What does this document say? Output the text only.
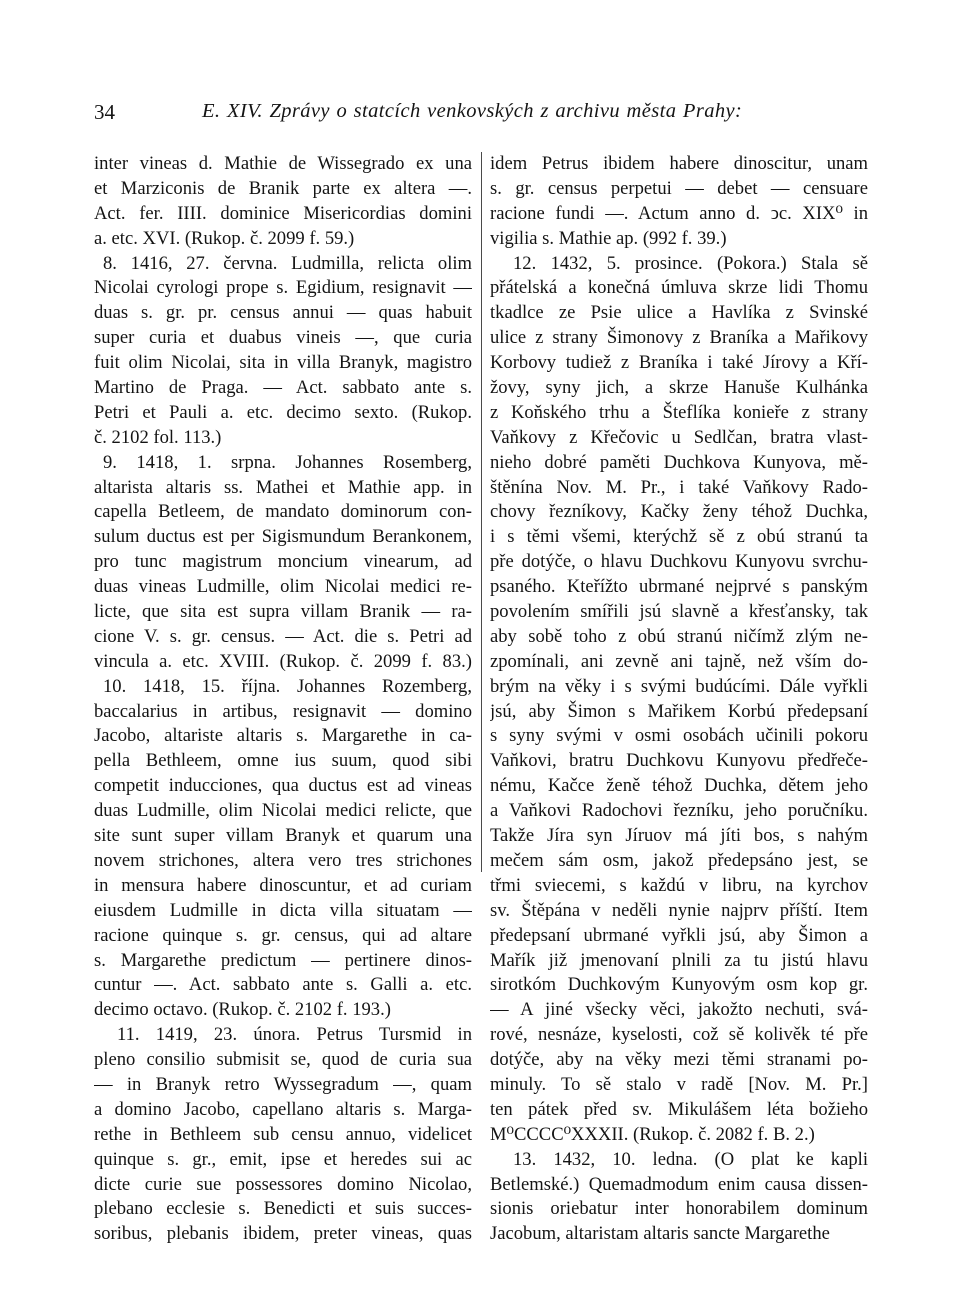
34	E. XIV. Zprávy o statcích venkovských z archivu města Prahy:
inter vineas d. Mathie de Wissegrado ex una
et Marziconis de Branik parte ex altera —.
Act. fer. IIII. dominice Misericordias domini
a. etc. XVI. (Rukop. č. 2099 f. 59.)
8. 1416, 27. června. Ludmilla, relicta olim
Nicolai cyrologi prope s. Egidium, resignavit —
duas s. gr. pr. census annui — quas habuit
super curia et duabus vineis —, que curia
fuit olim Nicolai, sita in villa Branyk, magistro
Martino de Praga. — Act. sabbato ante s.
Petri et Pauli a. etc. decimo sexto. (Rukop.
č. 2102 fol. 113.)
9. 1418, 1. srpna. Johannes Rosemberg,
altarista altaris ss. Mathei et Mathie app. in
capella Betleem, de mandato dominorum con-
sulum ductus est per Sigismundum Berankonem,
pro tunc magistrum moncium vinearum, ad
duas vineas Ludmille, olim Nicolai medici re-
licte, que sita est supra villam Branik — ra-
cione V. s. gr. census. — Act. die s. Petri ad
vincula a. etc. XVIII. (Rukop. č. 2099 f. 83.)
10. 1418, 15. října. Johannes Rozemberg,
baccalarius in artibus, resignavit — domino
Jacobo, altariste altaris s. Margarethe in ca-
pella Bethleem, omne ius suum, quod sibi
competit inducciones, qua ductus est ad vineas
duas Ludmille, olim Nicolai medici relicte, que
site sunt super villam Branyk et quarum una
novem strichones, altera vero tres strichones
in mensura habere dinoscuntur, et ad curiam
eiusdem Ludmille in dicta villa situatam —
racione quinque s. gr. census, qui ad altare
s. Margarethe predictum — pertinere dinos-
cuntur —. Act. sabbato ante s. Galli a. etc.
decimo octavo. (Rukop. č. 2102 f. 193.)
11. 1419, 23. února. Petrus Tursmid in
pleno consilio submisit se, quod de curia sua
— in Branyk retro Wyssegradum —, quam
a domino Jacobo, capellano altaris s. Marga-
rethe in Bethleem sub censu annuo, videlicet
quinque s. gr., emit, ipse et heredes sui ac
dicte curie sue possessores domino Nicolao,
plebano ecclesie s. Benedicti et suis succes-
soribus, plebanis ibidem, preter vineas, quas
idem Petrus ibidem habere dinoscitur, unam
s. gr. census perpetui — debet — censuare
racione fundi —. Actum anno d. ͻc. XIX⁰ in
vigilia s. Mathie ap. (992 f. 39.)
12. 1432, 5. prosince. (Pokora.) Stala sě
přátelská a konečná úmluva skrze lidi Thomu
tkadlce ze Psie ulice a Havlíka z Svinské
ulice z strany Šimonovy z Braníka a Mařikovy
Korbovy tudiež z Braníka i také Jírovy a Kří-
žovy, syny jich, a skrze Hanuše Kulhánka
z Koňského trhu a Šteflíka konieře z strany
Vaňkovy z Křečovic u Sedlčan, bratra vlast-
nieho dobré paměti Duchkova Kunyova, mě-
štěnína Nov. M. Pr., i také Vaňkovy Rado-
chovy řezníkovy, Kačky ženy téhož Duchka,
i s těmi všemi, kterýchž sě z obú stranú ta
pře dotýče, o hlavu Duchkovu Kunyovu svrchu-
psaného. Kteřížto ubrmané nejprvé s panským
povolením smířili jsú slavně a křesťansky, tak
aby sobě toho z obú stranú ničímž zlým ne-
zpomínali, ani zevně ani tajně, než vším do-
brým na věky i s svými budúcími. Dále vyřkli
jsú, aby Šimon s Mařikem Korbú předepsaní
s syny svými v osmi osobách učinili pokoru
Vaňkovi, bratru Duchkovu Kunyovu předřeče-
nému, Kačce ženě téhož Duchka, dětem jeho
a Vaňkovi Radochovi řezníku, jeho poručníku.
Takže Jíra syn Jíruov má jíti bos, s nahým
mečem sám osm, jakož předepsáno jest, se
třmi sviecemi, s každú v libru, na kyrchov
sv. Štěpána v neděli nynie najprv příští. Item
předepsaní ubrmané vyřkli jsú, aby Šimon a
Mařík již jmenovaní plnili za tu jistú hlavu
sirotkóm Duchkovým Kunyovým osm kop gr.
— A jiné všecky věci, jakožto nechuti, svá-
rové, nesnáze, kyselosti, což sě kolivěk té pře
dotýče, aby na věky mezi těmi stranami po-
minuly. To sě stalo v radě [Nov. M. Pr.]
ten pátek před sv. Mikulášem léta božieho
M⁰CCCC⁰XXXII. (Rukop. č. 2082 f. B. 2.)
13. 1432, 10. ledna. (O plat ke kapli
Betlemské.) Quemadmodum enim causa dissen-
sionis oriebatur inter honorabilem dominum
Jacobum, altaristam altaris sancte Margarethe
